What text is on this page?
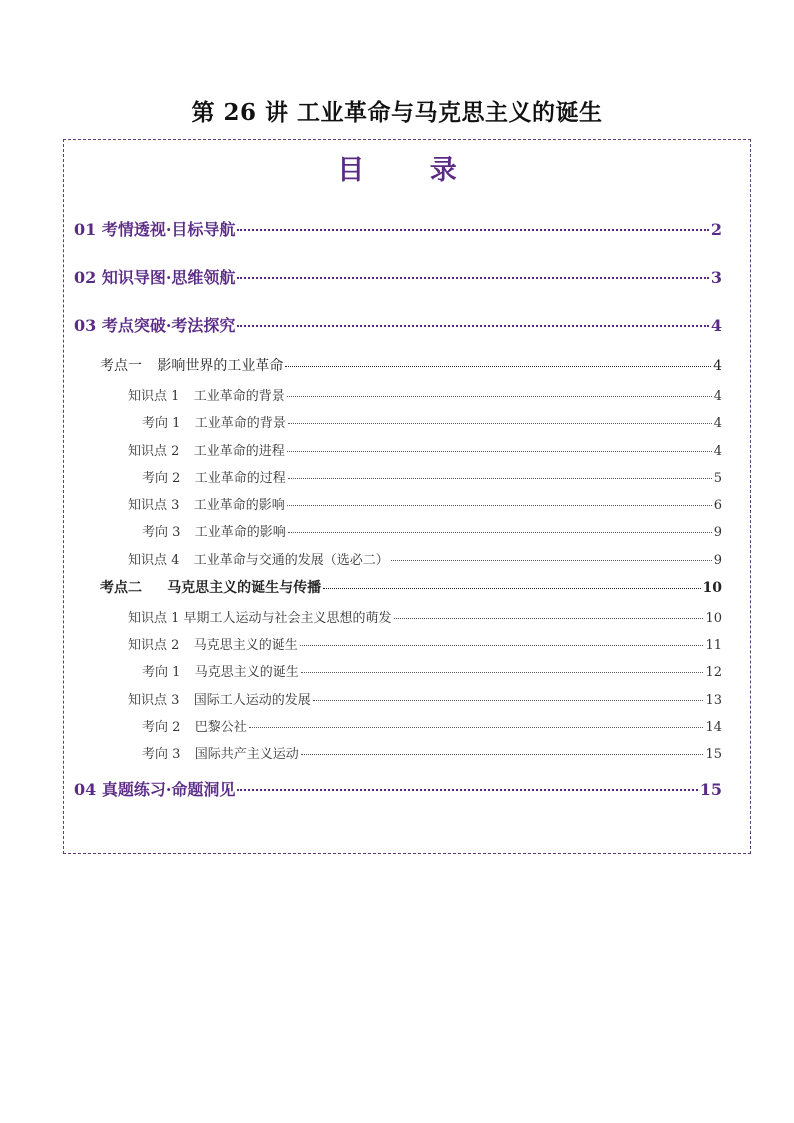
第 26 讲 工业革命与马克思主义的诞生
目 录
01 考情透视·目标导航	2
02 知识导图·思维领航	3
03 考点突破·考法探究	4
考点一 影响世界的工业革命	4
知识点 1 工业革命的背景	4
考向 1 工业革命的背景	4
知识点 2 工业革命的进程	4
考向 2 工业革命的过程	5
知识点 3 工业革命的影响	6
考向 3 工业革命的影响	9
知识点 4 工业革命与交通的发展（选必二）	9
考点二 马克思主义的诞生与传播	10
知识点 1 早期工人运动与社会主义思想的萌发	10
知识点 2 马克思主义的诞生	11
考向 1 马克思主义的诞生	12
知识点 3 国际工人运动的发展	13
考向 2 巴黎公社	14
考向 3 国际共产主义运动	15
04 真题练习·命题洞见	15
